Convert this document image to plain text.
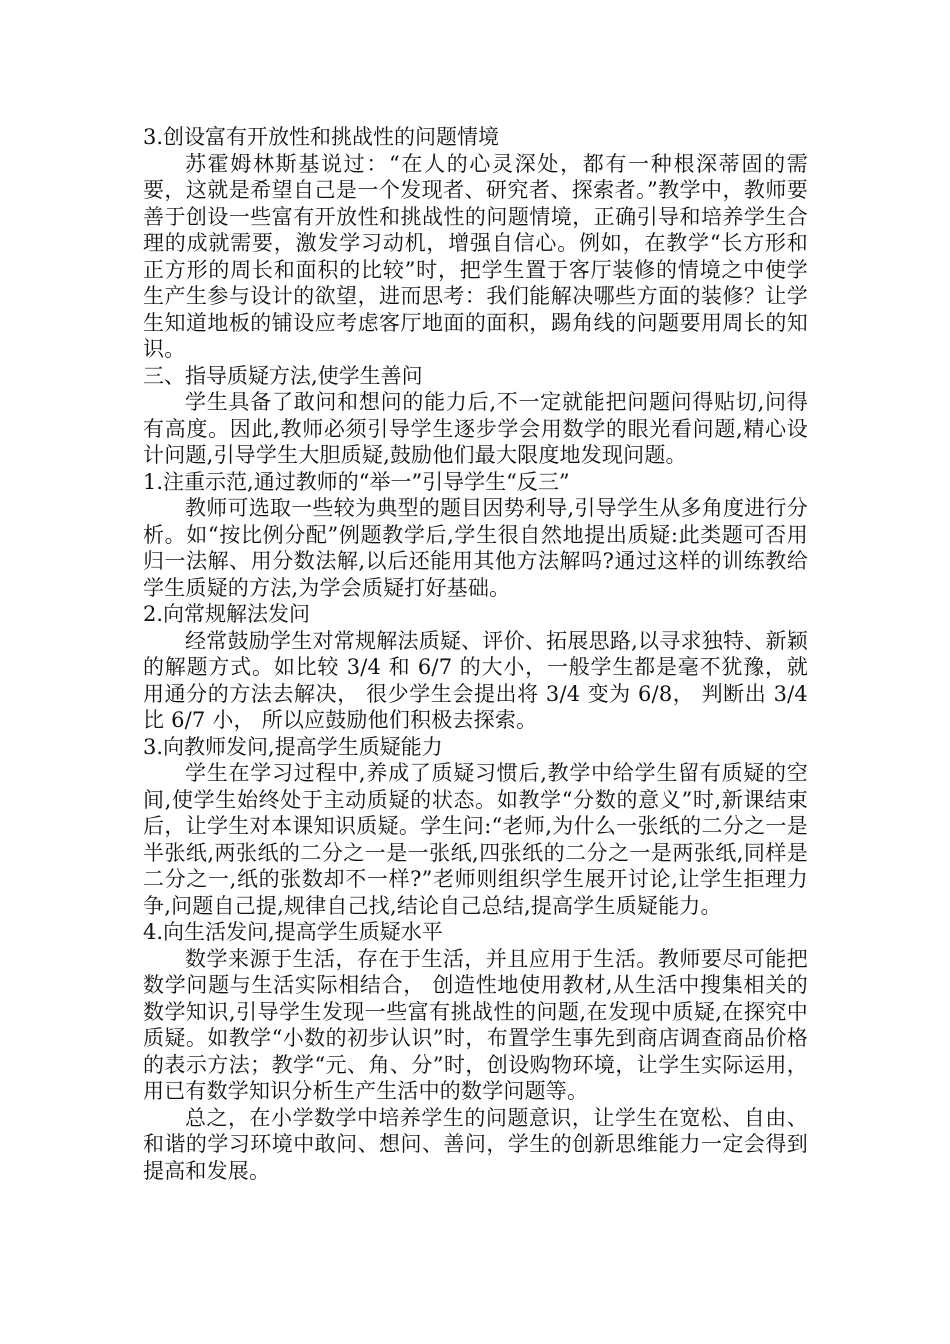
3.创设富有开放性和挑战性的问题情境

苏霍姆林斯基说过：“在人的心灵深处，都有一种根深蒂固的需要，这就是希望自己是一个发现者、研究者、探索者。”教学中，教师要善于创设一些富有开放性和挑战性的问题情境，正确引导和培养学生合理的成就需要，激发学习动机，增强自信心。例如，在教学“长方形和正方形的周长和面积的比较”时，把学生置于客厅装修的情境之中使学生产生参与设计的欲望，进而思考：我们能解决哪些方面的装修？让学生知道地板的铺设应考虑客厅地面的面积，踢角线的问题要用周长的知识。

三、指导质疑方法,使学生善问

学生具备了敢问和想问的能力后,不一定就能把问题问得贴切,问得有高度。因此,教师必须引导学生逐步学会用数学的眼光看问题,精心设计问题,引导学生大胆质疑,鼓励他们最大限度地发现问题。

1.注重示范,通过教师的“举一”引导学生“反三”

教师可选取一些较为典型的题目因势利导,引导学生从多角度进行分析。如“按比例分配”例题教学后,学生很自然地提出质疑:此类题可否用归一法解、用分数法解,以后还能用其他方法解吗?通过这样的训练教给学生质疑的方法,为学会质疑打好基础。

2.向常规解法发问

经常鼓励学生对常规解法质疑、评价、拓展思路,以寻求独特、新颖的解题方式。如比较 3/4 和 6/7 的大小，一般学生都是毫不犹豫，就用通分的方法去解决， 很少学生会提出将 3/4 变为 6/8， 判断出 3/4 比 6/7 小， 所以应鼓励他们积极去探索。

3.向教师发问,提高学生质疑能力

学生在学习过程中,养成了质疑习惯后,教学中给学生留有质疑的空间,使学生始终处于主动质疑的状态。如教学“分数的意义”时,新课结束后，让学生对本课知识质疑。学生问:“老师,为什么一张纸的二分之一是半张纸,两张纸的二分之一是一张纸,四张纸的二分之一是两张纸,同样是二分之一,纸的张数却不一样?”老师则组织学生展开讨论,让学生拒理力争,问题自己提,规律自己找,结论自己总结,提高学生质疑能力。

4.向生活发问,提高学生质疑水平

数学来源于生活，存在于生活，并且应用于生活。教师要尽可能把数学问题与生活实际相结合， 创造性地使用教材,从生活中搜集相关的数学知识,引导学生发现一些富有挑战性的问题,在发现中质疑,在探究中质疑。如教学“小数的初步认识”时，布置学生事先到商店调查商品价格的表示方法；教学“元、角、分”时，创设购物环境，让学生实际运用，用已有数学知识分析生产生活中的数学问题等。

总之，在小学数学中培养学生的问题意识，让学生在宽松、自由、和谐的学习环境中敢问、想问、善问，学生的创新思维能力一定会得到提高和发展。
